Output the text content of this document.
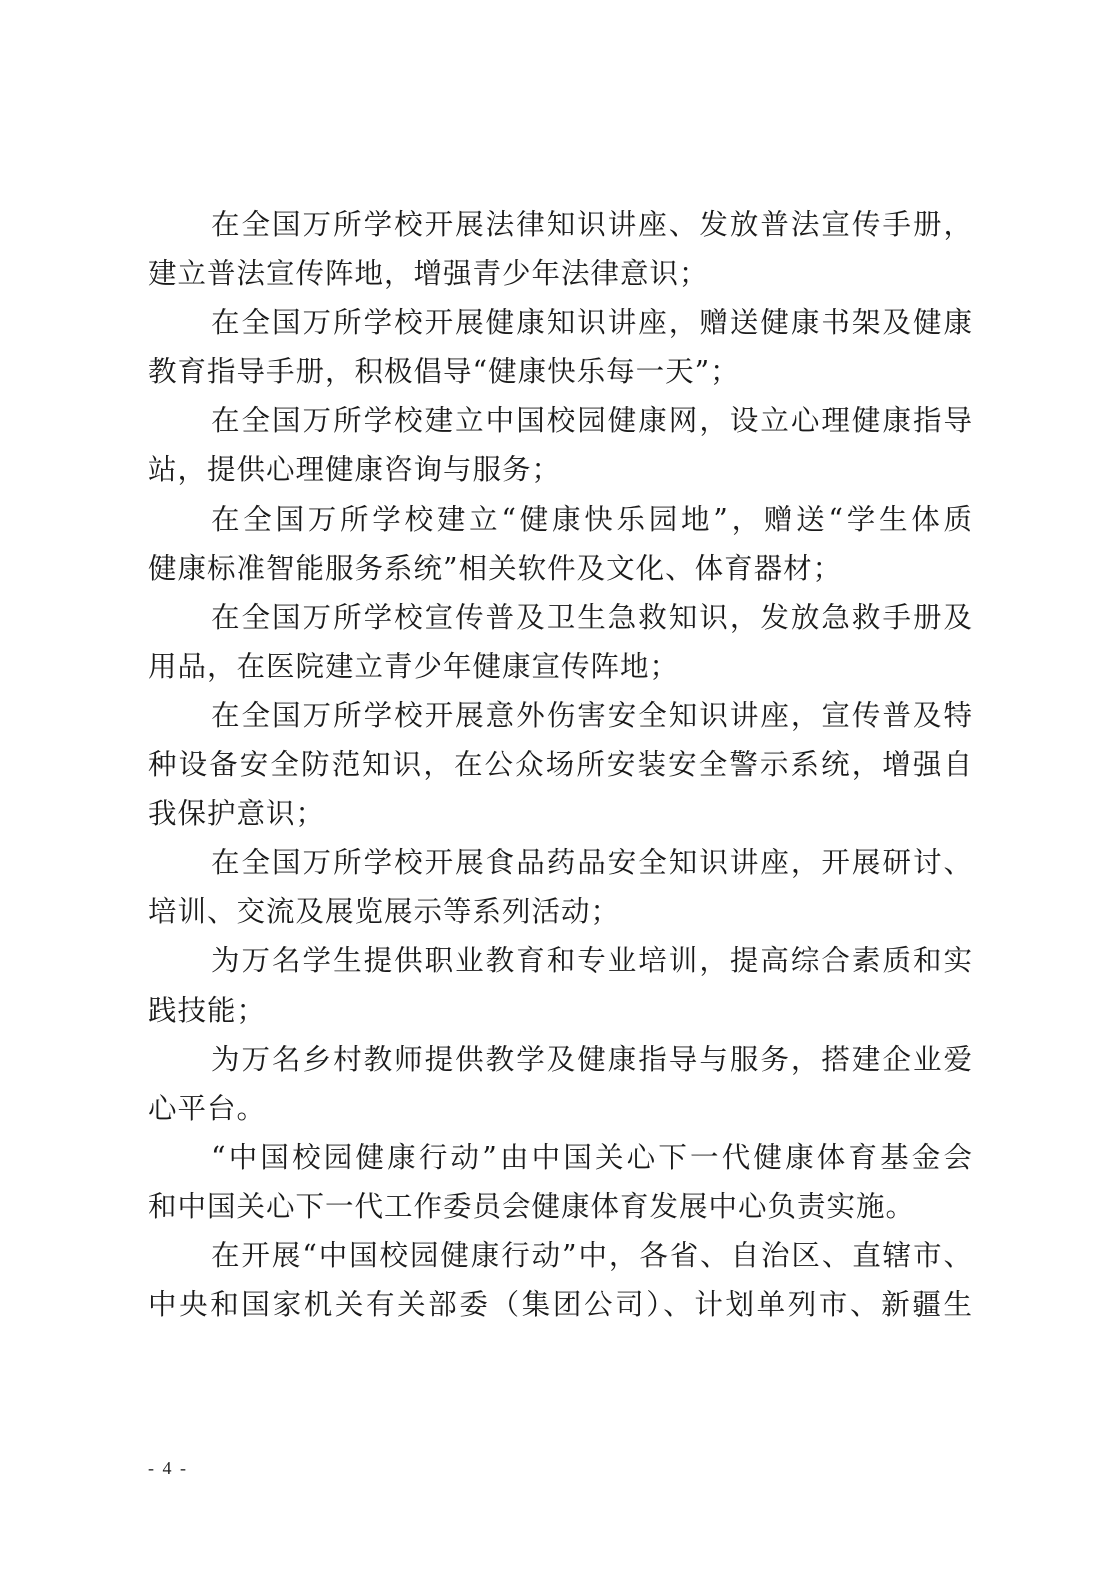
在全国万所学校开展法律知识讲座、发放普法宣传手册，
建立普法宣传阵地，增强青少年法律意识；
在全国万所学校开展健康知识讲座，赠送健康书架及健康
教育指导手册，积极倡导“健康快乐每一天”；
在全国万所学校建立中国校园健康网，设立心理健康指导
站，提供心理健康咨询与服务；
在全国万所学校建立“健康快乐园地”，赠送“学生体质
健康标准智能服务系统”相关软件及文化、体育器材；
在全国万所学校宣传普及卫生急救知识，发放急救手册及
用品，在医院建立青少年健康宣传阵地；
在全国万所学校开展意外伤害安全知识讲座，宣传普及特
种设备安全防范知识，在公众场所安装安全警示系统，增强自
我保护意识；
在全国万所学校开展食品药品安全知识讲座，开展研讨、
培训、交流及展览展示等系列活动；
为万名学生提供职业教育和专业培训，提高综合素质和实
践技能；
为万名乡村教师提供教学及健康指导与服务，搭建企业爱
心平台。
“中国校园健康行动”由中国关心下一代健康体育基金会
和中国关心下一代工作委员会健康体育发展中心负责实施。
在开展“中国校园健康行动”中，各省、自治区、直辖市、
中央和国家机关有关部委（集团公司）、计划单列市、新疆生
- 4 -
